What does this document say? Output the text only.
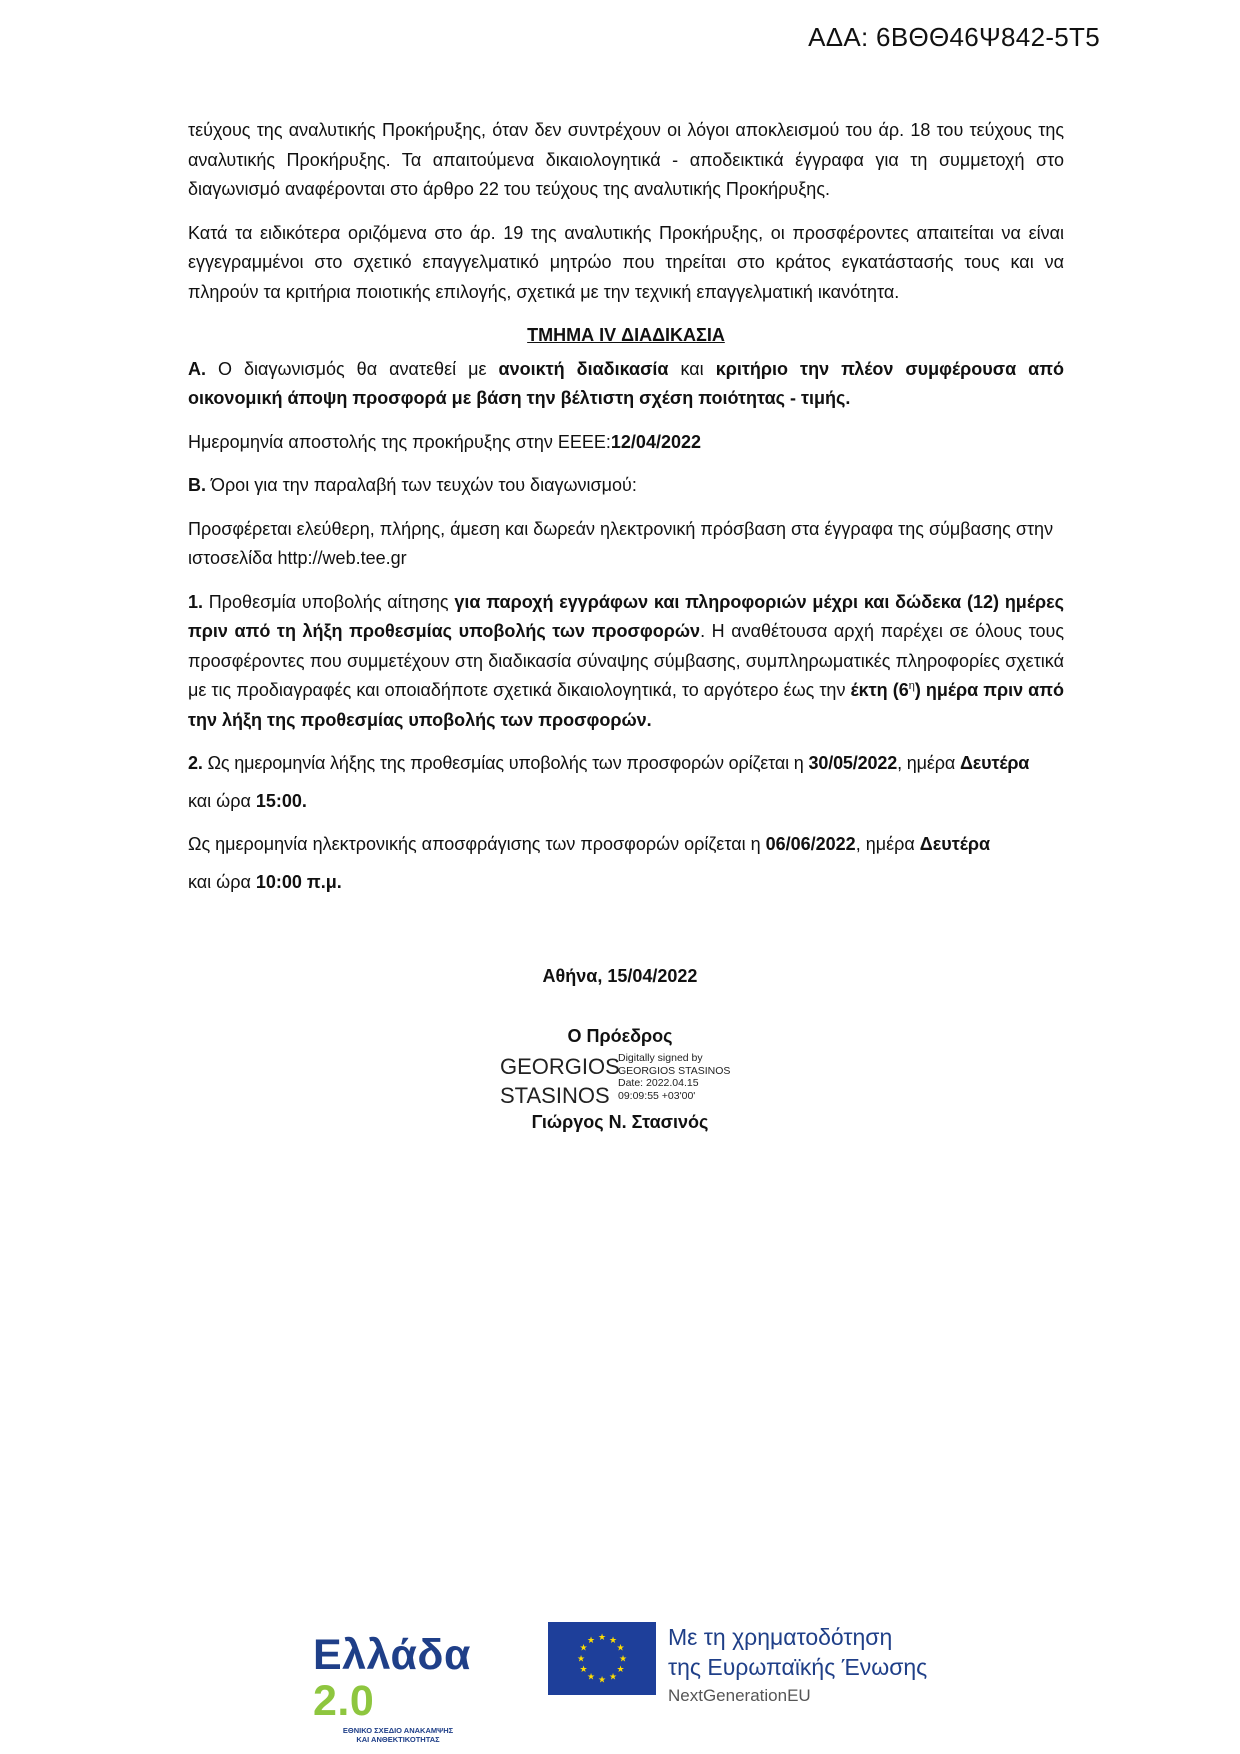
ΑΔΑ: 6ΒΘΘ46Ψ842-5Τ5

τεύχους της αναλυτικής Προκήρυξης, όταν δεν συντρέχουν οι λόγοι αποκλεισμού του άρ. 18 του τεύχους της αναλυτικής Προκήρυξης. Τα απαιτούμενα δικαιολογητικά - αποδεικτικά έγγραφα για τη συμμετοχή στο διαγωνισμό αναφέρονται στο άρθρο 22 του τεύχους της αναλυτικής Προκήρυξης.

Κατά τα ειδικότερα οριζόμενα στο άρ. 19 της αναλυτικής Προκήρυξης, οι προσφέροντες απαιτείται να είναι εγγεγραμμένοι στο σχετικό επαγγελματικό μητρώο που τηρείται στο κράτος εγκατάστασής τους και να πληρούν τα κριτήρια ποιοτικής επιλογής, σχετικά με την τεχνική επαγγελματική ικανότητα.

ΤΜΗΜΑ IV ΔΙΑΔΙΚΑΣΙΑ

Α. Ο διαγωνισμός θα ανατεθεί με ανοικτή διαδικασία και κριτήριο την πλέον συμφέρουσα από οικονομική άποψη προσφορά με βάση την βέλτιστη σχέση ποιότητας - τιμής.

Ημερομηνία αποστολής της προκήρυξης στην ΕΕΕΕ:12/04/2022

Β. Όροι για την παραλαβή των τευχών του διαγωνισμού:

Προσφέρεται ελεύθερη, πλήρης, άμεση και δωρεάν ηλεκτρονική πρόσβαση στα έγγραφα της σύμβασης στην ιστοσελίδα http://web.tee.gr

1. Προθεσμία υποβολής αίτησης για παροχή εγγράφων και πληροφοριών μέχρι και δώδεκα (12) ημέρες πριν από τη λήξη προθεσμίας υποβολής των προσφορών. Η αναθέτουσα αρχή παρέχει σε όλους τους προσφέροντες που συμμετέχουν στη διαδικασία σύναψης σύμβασης, συμπληρωματικές πληροφορίες σχετικά με τις προδιαγραφές και οποιαδήποτε σχετικά δικαιολογητικά, το αργότερο έως την έκτη $(6^\eta)$ ημέρα πριν από την λήξη της προθεσμίας υποβολής των προσφορών.

2. Ως ημερομηνία λήξης της προθεσμίας υποβολής των προσφορών ορίζεται η 30/05/2022, ημέρα Δευτέρα

και ώρα 15:00.

Ως ημερομηνία ηλεκτρονικής αποσφράγισης των προσφορών ορίζεται η 06/06/2022, ημέρα Δευτέρα

και ώρα 10:00 π.μ.

Αθήνα, 15/04/2022
Ο Πρόεδρος
GEORGIOS
STASINOS
Digitally signed by
GEORGIOS STASINOS
Date: 2022.04.15
09:09:55 +03'00'
Γιώργος Ν. Στασινός
Ελλάδα 2.0
ΕΘΝΙΚΟ ΣΧΕΔΙΟ ΑΝΑΚΑΜΨΗΣ
ΚΑΙ ΑΝΘΕΚΤΙΚΟΤΗΤΑΣ
★ ★
★
★
★
★
★
★
★
★
★
★	Με τη χρηματοδότηση
της Ευρωπαϊκής Ένωσης
NextGenerationEU
